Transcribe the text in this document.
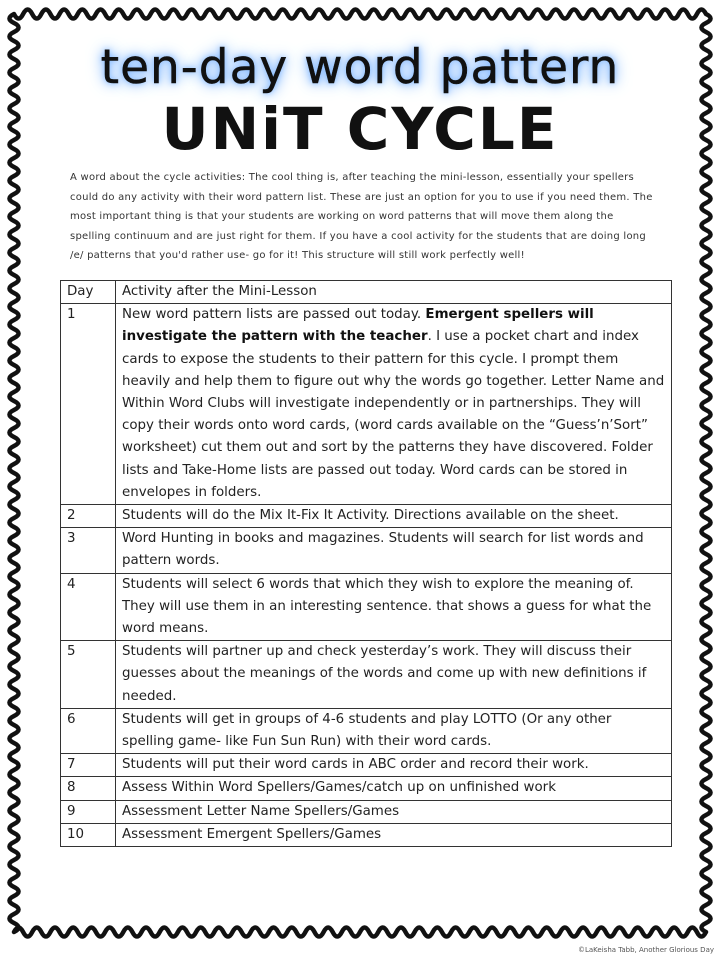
ten-day word pattern
UNiT CYCLE
A word about the cycle activities: The cool thing is, after teaching the mini-lesson, essentially your spellers could do any activity with their word pattern list. These are just an option for you to use if you need them. The most important thing is that your students are working on word patterns that will move them along the spelling continuum and are just right for them. If you have a cool activity for the students that are doing long /e/ patterns that you'd rather use- go for it! This structure will still work perfectly well!
Day	Activity after the Mini-Lesson
1	New word pattern lists are passed out today. Emergent spellers will investigate the pattern with the teacher. I use a pocket chart and index cards to expose the students to their pattern for this cycle. I prompt them heavily and help them to figure out why the words go together. Letter Name and Within Word Clubs will investigate independently or in partnerships. They will copy their words onto word cards, (word cards available on the “Guess’n’Sort” worksheet) cut them out and sort by the patterns they have discovered. Folder lists and Take-Home lists are passed out today. Word cards can be stored in envelopes in folders.
2	Students will do the Mix It-Fix It Activity. Directions available on the sheet.
3	Word Hunting in books and magazines. Students will search for list words and pattern words.
4	Students will select 6 words that which they wish to explore the meaning of. They will use them in an interesting sentence. that shows a guess for what the word means.
5	Students will partner up and check yesterday’s work. They will discuss their guesses about the meanings of the words and come up with new definitions if needed.
6	Students will get in groups of 4-6 students and play LOTTO (Or any other spelling game- like Fun Sun Run) with their word cards.
7	Students will put their word cards in ABC order and record their work.
8	Assess Within Word Spellers/Games/catch up on unfinished work
9	Assessment Letter Name Spellers/Games
10	Assessment Emergent Spellers/Games
©LaKeisha Tabb, Another Glorious Day
